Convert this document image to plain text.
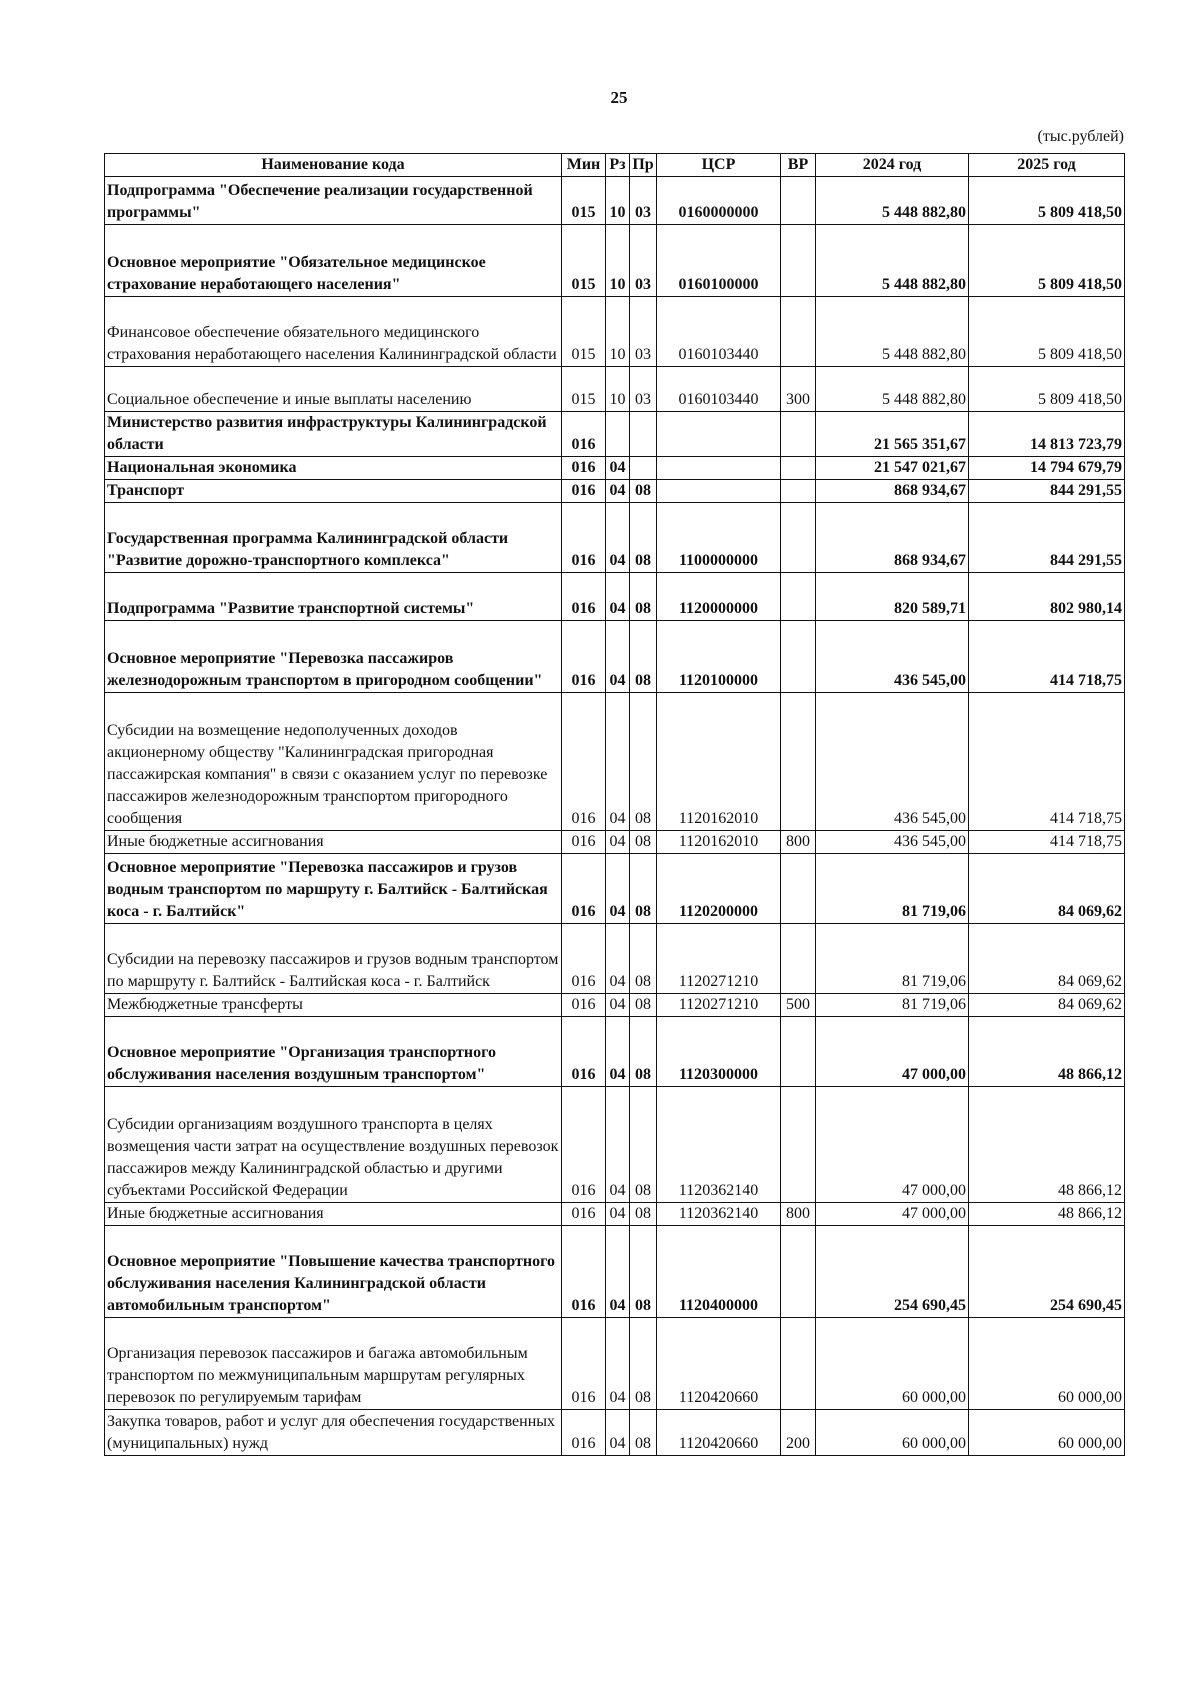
25
(тыс.рублей)
Наименование кода	Мин	Рз	Пр	ЦСР	ВР	2024 год	2025 год
Подпрограмма "Обеспечение реализации государственной программы"	015	10	03	0160000000		5 448 882,80	5 809 418,50
Основное мероприятие "Обязательное медицинское страхование неработающего населения"	015	10	03	0160100000		5 448 882,80	5 809 418,50
Финансовое обеспечение обязательного медицинского страхования неработающего населения Калининградской области	015	10	03	0160103440		5 448 882,80	5 809 418,50
Социальное обеспечение и иные выплаты населению	015	10	03	0160103440	300	5 448 882,80	5 809 418,50
Министерство развития инфраструктуры Калининградской области	016					21 565 351,67	14 813 723,79
Национальная экономика	016	04				21 547 021,67	14 794 679,79
Транспорт	016	04	08			868 934,67	844 291,55
Государственная программа Калининградской области "Развитие дорожно-транспортного комплекса"	016	04	08	1100000000		868 934,67	844 291,55
Подпрограмма "Развитие транспортной системы"	016	04	08	1120000000		820 589,71	802 980,14
Основное мероприятие "Перевозка пассажиров железнодорожным транспортом в пригородном сообщении"	016	04	08	1120100000		436 545,00	414 718,75
Субсидии на возмещение недополученных доходов акционерному обществу "Калининградская пригородная пассажирская компания" в связи с оказанием услуг по перевозке пассажиров железнодорожным транспортом пригородного сообщения	016	04	08	1120162010		436 545,00	414 718,75
Иные бюджетные ассигнования	016	04	08	1120162010	800	436 545,00	414 718,75
Основное мероприятие "Перевозка пассажиров и грузов водным транспортом по маршруту г. Балтийск - Балтийская коса - г. Балтийск"	016	04	08	1120200000		81 719,06	84 069,62
Субсидии на перевозку пассажиров и грузов водным транспортом по маршруту г. Балтийск - Балтийская коса - г. Балтийск	016	04	08	1120271210		81 719,06	84 069,62
Межбюджетные трансферты	016	04	08	1120271210	500	81 719,06	84 069,62
Основное мероприятие "Организация транспортного обслуживания населения воздушным транспортом"	016	04	08	1120300000		47 000,00	48 866,12
Субсидии организациям воздушного транспорта в целях возмещения части затрат на осуществление воздушных перевозок пассажиров между Калининградской областью и другими субъектами Российской Федерации	016	04	08	1120362140		47 000,00	48 866,12
Иные бюджетные ассигнования	016	04	08	1120362140	800	47 000,00	48 866,12
Основное мероприятие "Повышение качества транспортного обслуживания населения Калининградской области автомобильным транспортом"	016	04	08	1120400000		254 690,45	254 690,45
Организация перевозок пассажиров и багажа автомобильным транспортом по межмуниципальным маршрутам регулярных перевозок по регулируемым тарифам	016	04	08	1120420660		60 000,00	60 000,00
Закупка товаров, работ и услуг для обеспечения государственных (муниципальных) нужд	016	04	08	1120420660	200	60 000,00	60 000,00
